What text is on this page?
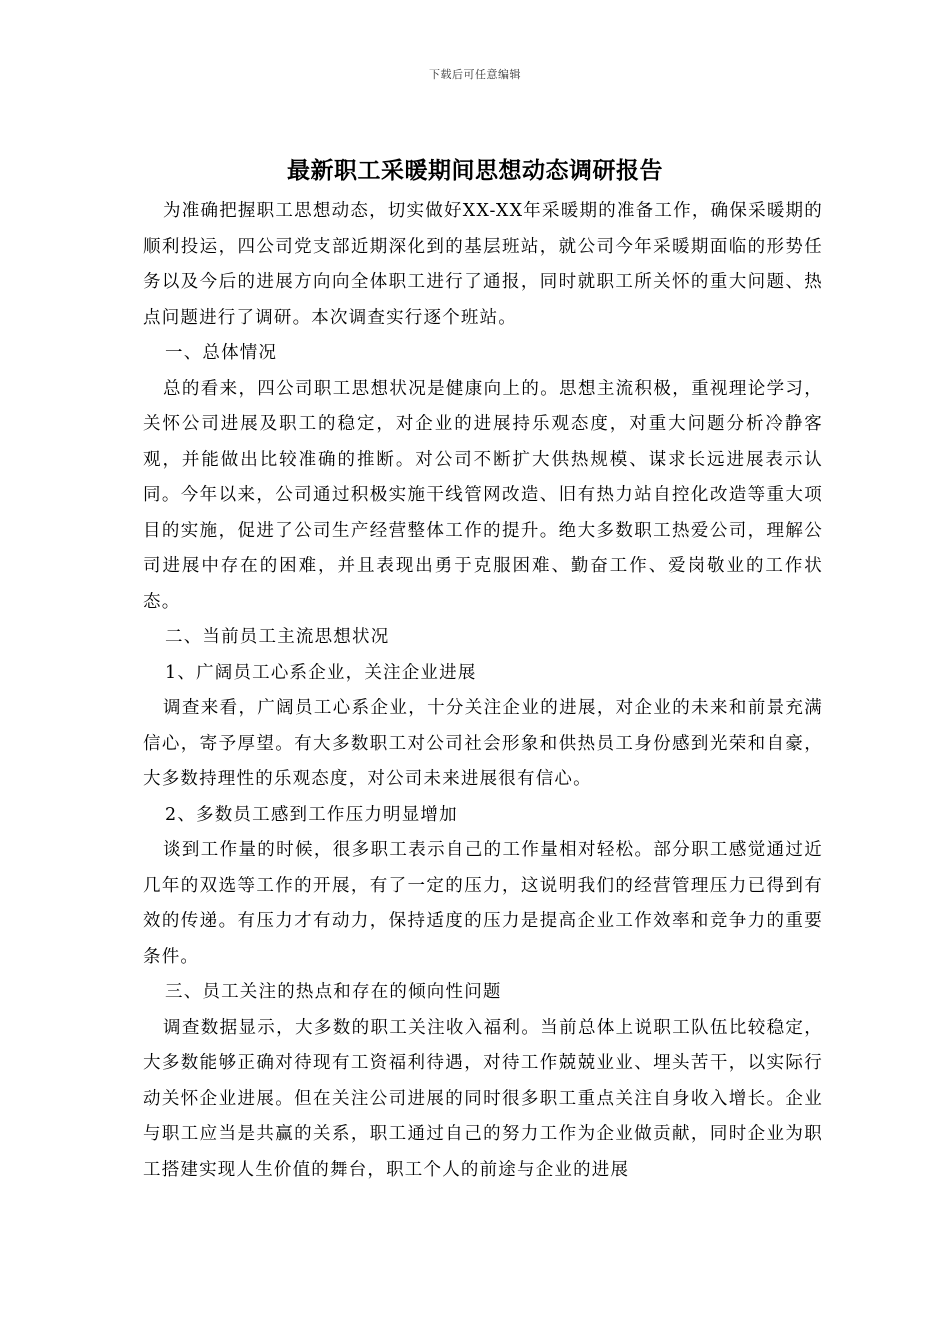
下载后可任意编辑
最新职工采暖期间思想动态调研报告

为准确把握职工思想动态，切实做好XX-XX年采暖期的准备工作，确保采暖期的顺利投运，四公司党支部近期深化到的基层班站，就公司今年采暖期面临的形势任务以及今后的进展方向向全体职工进行了通报，同时就职工所关怀的重大问题、热点问题进行了调研。本次调查实行逐个班站。

一、总体情况

总的看来，四公司职工思想状况是健康向上的。思想主流积极，重视理论学习，关怀公司进展及职工的稳定，对企业的进展持乐观态度，对重大问题分析冷静客观，并能做出比较准确的推断。对公司不断扩大供热规模、谋求长远进展表示认同。今年以来，公司通过积极实施干线管网改造、旧有热力站自控化改造等重大项目的实施，促进了公司生产经营整体工作的提升。绝大多数职工热爱公司，理解公司进展中存在的困难，并且表现出勇于克服困难、勤奋工作、爱岗敬业的工作状态。

二、当前员工主流思想状况

1、广阔员工心系企业，关注企业进展

调查来看，广阔员工心系企业，十分关注企业的进展，对企业的未来和前景充满信心，寄予厚望。有大多数职工对公司社会形象和供热员工身份感到光荣和自豪，大多数持理性的乐观态度，对公司未来进展很有信心。

2、多数员工感到工作压力明显增加

谈到工作量的时候，很多职工表示自己的工作量相对轻松。部分职工感觉通过近几年的双选等工作的开展，有了一定的压力，这说明我们的经营管理压力已得到有效的传递。有压力才有动力，保持适度的压力是提高企业工作效率和竞争力的重要条件。

三、员工关注的热点和存在的倾向性问题

调查数据显示，大多数的职工关注收入福利。当前总体上说职工队伍比较稳定，大多数能够正确对待现有工资福利待遇，对待工作兢兢业业、埋头苦干，以实际行动关怀企业进展。但在关注公司进展的同时很多职工重点关注自身收入增长。企业与职工应当是共赢的关系，职工通过自己的努力工作为企业做贡献，同时企业为职工搭建实现人生价值的舞台，职工个人的前途与企业的进展
